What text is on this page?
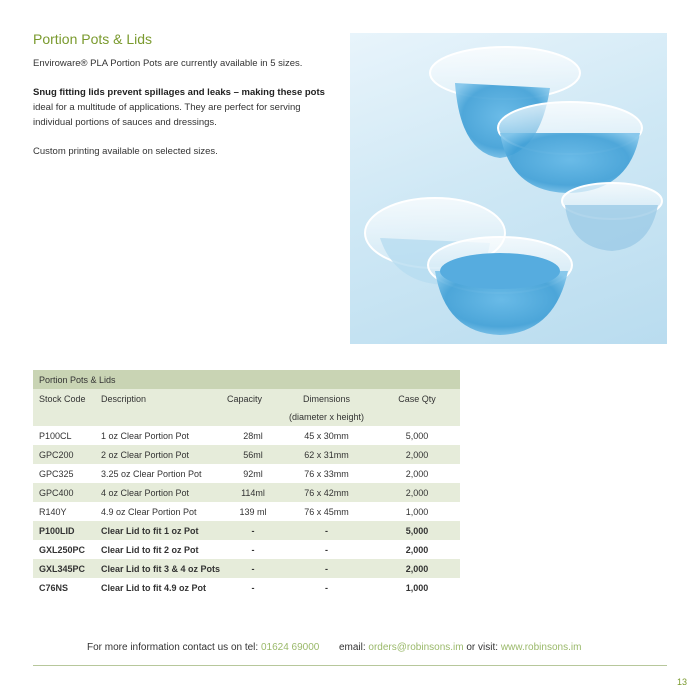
Portion Pots & Lids

Enviroware® PLA Portion Pots are currently available in 5 sizes.

Snug fitting lids prevent spillages and leaks – making these pots

ideal for a multitude of applications. They are perfect for serving individual portions of sauces and dressings.

Custom printing available on selected sizes.

Portion Pots & Lids				
Stock Code	Description	Capacity	Dimensions	Case Qty
			(diameter x height)	
P100CL	1 oz Clear Portion Pot	28ml	45 x 30mm	5,000
GPC200	2 oz Clear Portion Pot	56ml	62 x 31mm	2,000
GPC325	3.25 oz Clear Portion Pot	92ml	76 x 33mm	2,000
GPC400	4 oz Clear Portion Pot	114ml	76 x 42mm	2,000
R140Y	4.9 oz Clear Portion Pot	139 ml	76 x 45mm	1,000
P100LID	Clear Lid to fit 1 oz Pot	-	-	5,000
GXL250PC	Clear Lid to fit 2 oz Pot	-	-	2,000
GXL345PC	Clear Lid to fit 3 & 4 oz Pots	-	-	2,000
C76NS	Clear Lid to fit 4.9 oz Pot	-	-	1,000
For more information contact us on tel: 01624 69000 email: orders@robinsons.im or visit: www.robinsons.im
13
